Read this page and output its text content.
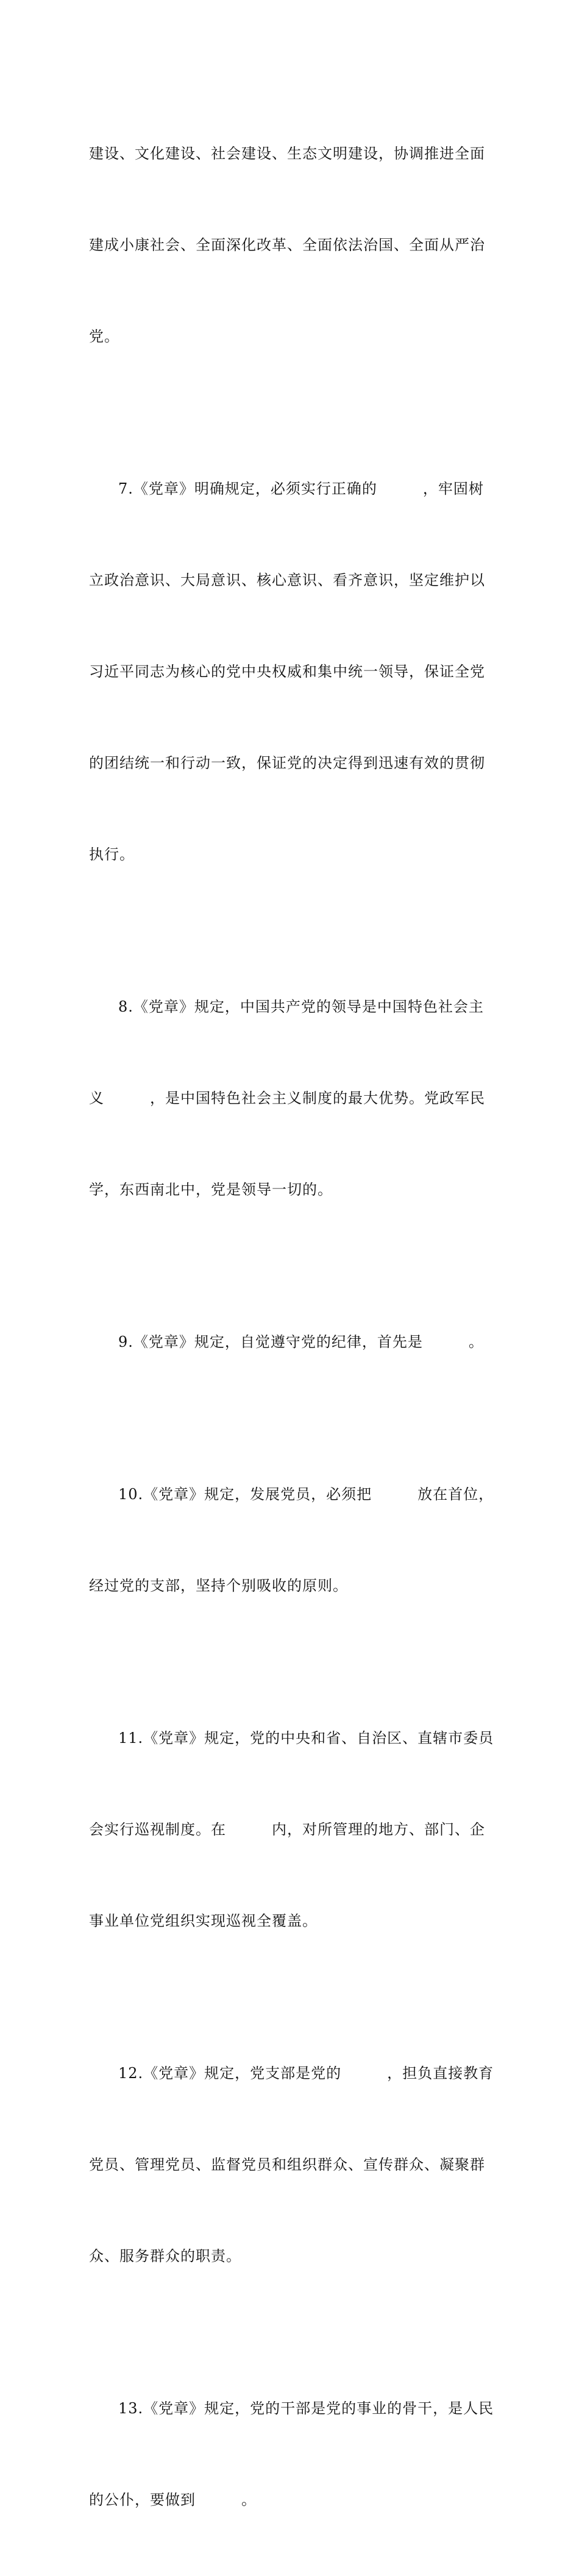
建设、文化建设、社会建设、生态文明建设，协调推进全面

建成小康社会、全面深化改革、全面依法治国、全面从严治

党。

7.《党章》明确规定，必须实行正确的　　　，牢固树

立政治意识、大局意识、核心意识、看齐意识，坚定维护以

习近平同志为核心的党中央权威和集中统一领导，保证全党

的团结统一和行动一致，保证党的决定得到迅速有效的贯彻

执行。

8.《党章》规定，中国共产党的领导是中国特色社会主

义　　　，是中国特色社会主义制度的最大优势。党政军民

学，东西南北中，党是领导一切的。

9.《党章》规定，自觉遵守党的纪律，首先是　　　。

10.《党章》规定，发展党员，必须把　　　放在首位，

经过党的支部，坚持个别吸收的原则。

11.《党章》规定，党的中央和省、自治区、直辖市委员

会实行巡视制度。在　　　内，对所管理的地方、部门、企

事业单位党组织实现巡视全覆盖。

12.《党章》规定，党支部是党的　　　，担负直接教育

党员、管理党员、监督党员和组织群众、宣传群众、凝聚群

众、服务群众的职责。

13.《党章》规定，党的干部是党的事业的骨干，是人民

的公仆，要做到　　　。
